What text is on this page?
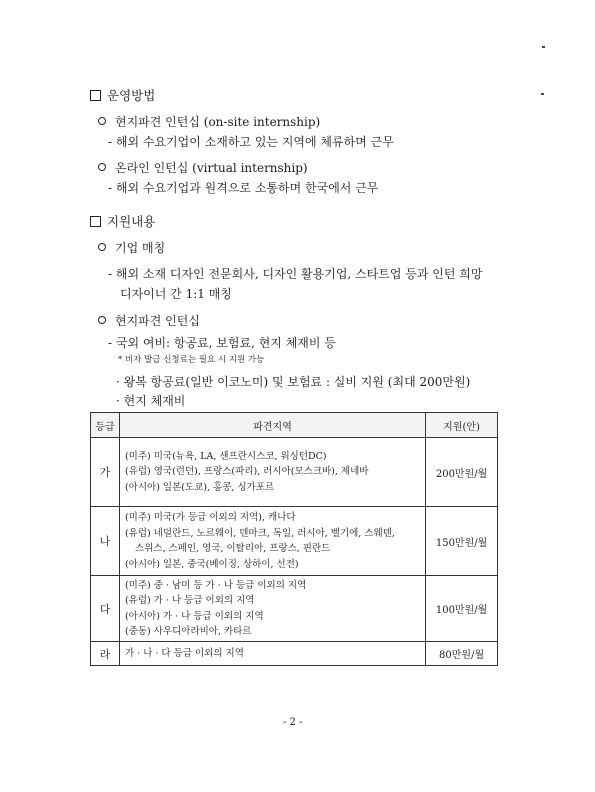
운영방법
현지파견 인턴십 (on-site internship)
- 해외 수요기업이 소재하고 있는 지역에 체류하며 근무
온라인 인턴십 (virtual internship)
- 해외 수요기업과 원격으로 소통하며 한국에서 근무
지원내용
기업 매칭
- 해외 소재 디자인 전문회사, 디자인 활용기업, 스타트업 등과 인턴 희망
디자이너 간 1:1 매칭
현지파견 인턴십
- 국외 여비: 항공료, 보험료, 현지 체재비 등
* 비자 발급 신청료는 필요 시 지원 가능
· 왕복 항공료(일반 이코노미) 및 보험료 : 실비 지원 (최대 200만원)
· 현지 체재비
등급	파견지역	지원(안)
가	(미주) 미국(뉴욕, LA, 샌프란시스코, 워싱턴DC)
(유럽) 영국(런던), 프랑스(파리), 러시아(모스크바), 제네바
(아시아) 일본(도쿄), 홍콩, 싱가포르	200만원/월
나	(미주) 미국(가 등급 이외의 지역), 캐나다
(유럽) 네덜란드, 노르웨이, 덴마크, 독일, 러시아, 벨기에, 스웨덴,
스위스, 스페인, 영국, 이탈리아, 프랑스, 핀란드
(아시아) 일본, 중국(베이징, 상하이, 선전)	150만원/월
다	(미주) 중 · 남미 등 가 · 나 등급 이외의 지역
(유럽) 가 · 나 등급 이외의 지역
(아시아) 가 · 나 등급 이외의 지역
(중동) 사우디아라비아, 카타르	100만원/월
라	가 · 나 · 다 등급 이외의 지역	80만원/월
- 2 -
